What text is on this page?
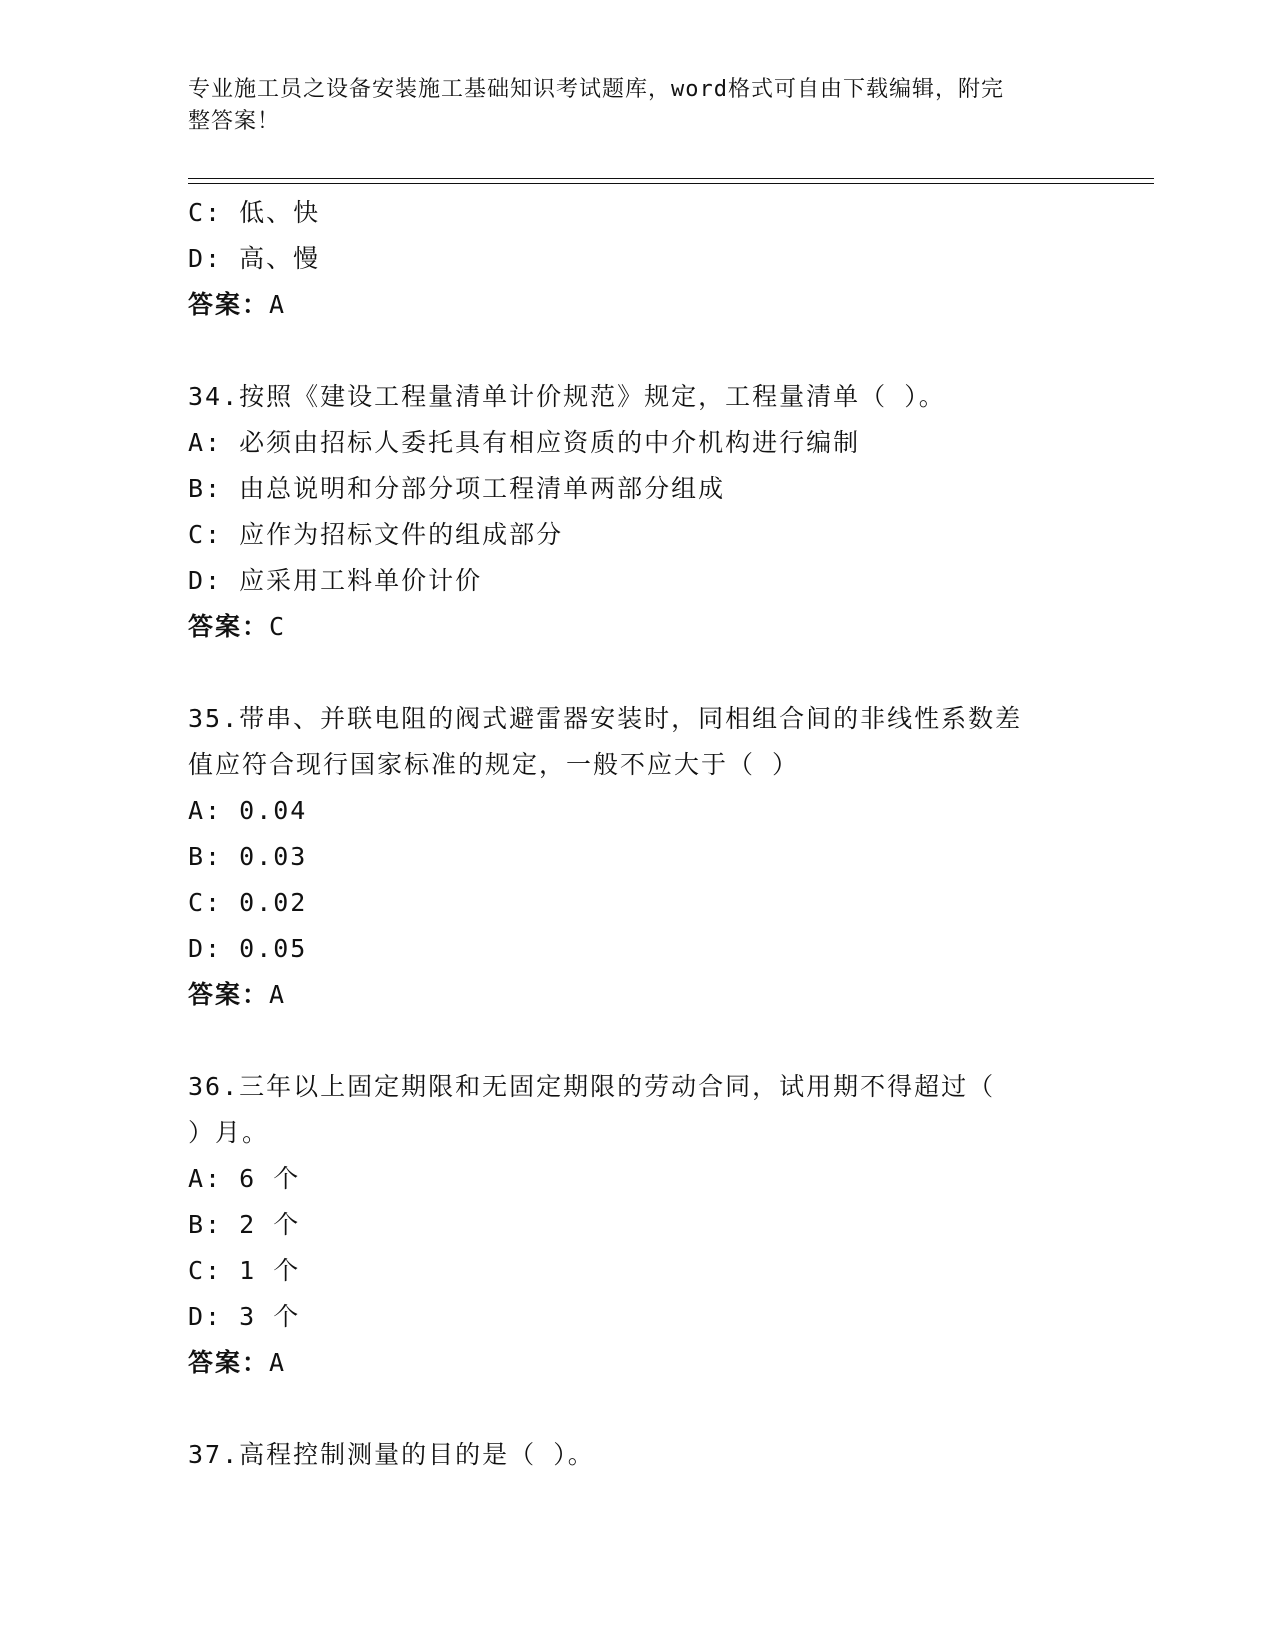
专业施工员之设备安装施工基础知识考试题库，word格式可自由下载编辑，附完
整答案！
C: 低、快
D: 高、慢
答案：A
34.按照《建设工程量清单计价规范》规定，工程量清单（ ）。
A: 必须由招标人委托具有相应资质的中介机构进行编制
B: 由总说明和分部分项工程清单两部分组成
C: 应作为招标文件的组成部分
D: 应采用工料单价计价
答案：C
35.带串、并联电阻的阀式避雷器安装时，同相组合间的非线性系数差
值应符合现行国家标准的规定，一般不应大于（ ）
A: 0.04
B: 0.03
C: 0.02
D: 0.05
答案：A
36.三年以上固定期限和无固定期限的劳动合同，试用期不得超过（
）月。
A: 6 个
B: 2 个
C: 1 个
D: 3 个
答案：A
37.高程控制测量的目的是（ ）。
